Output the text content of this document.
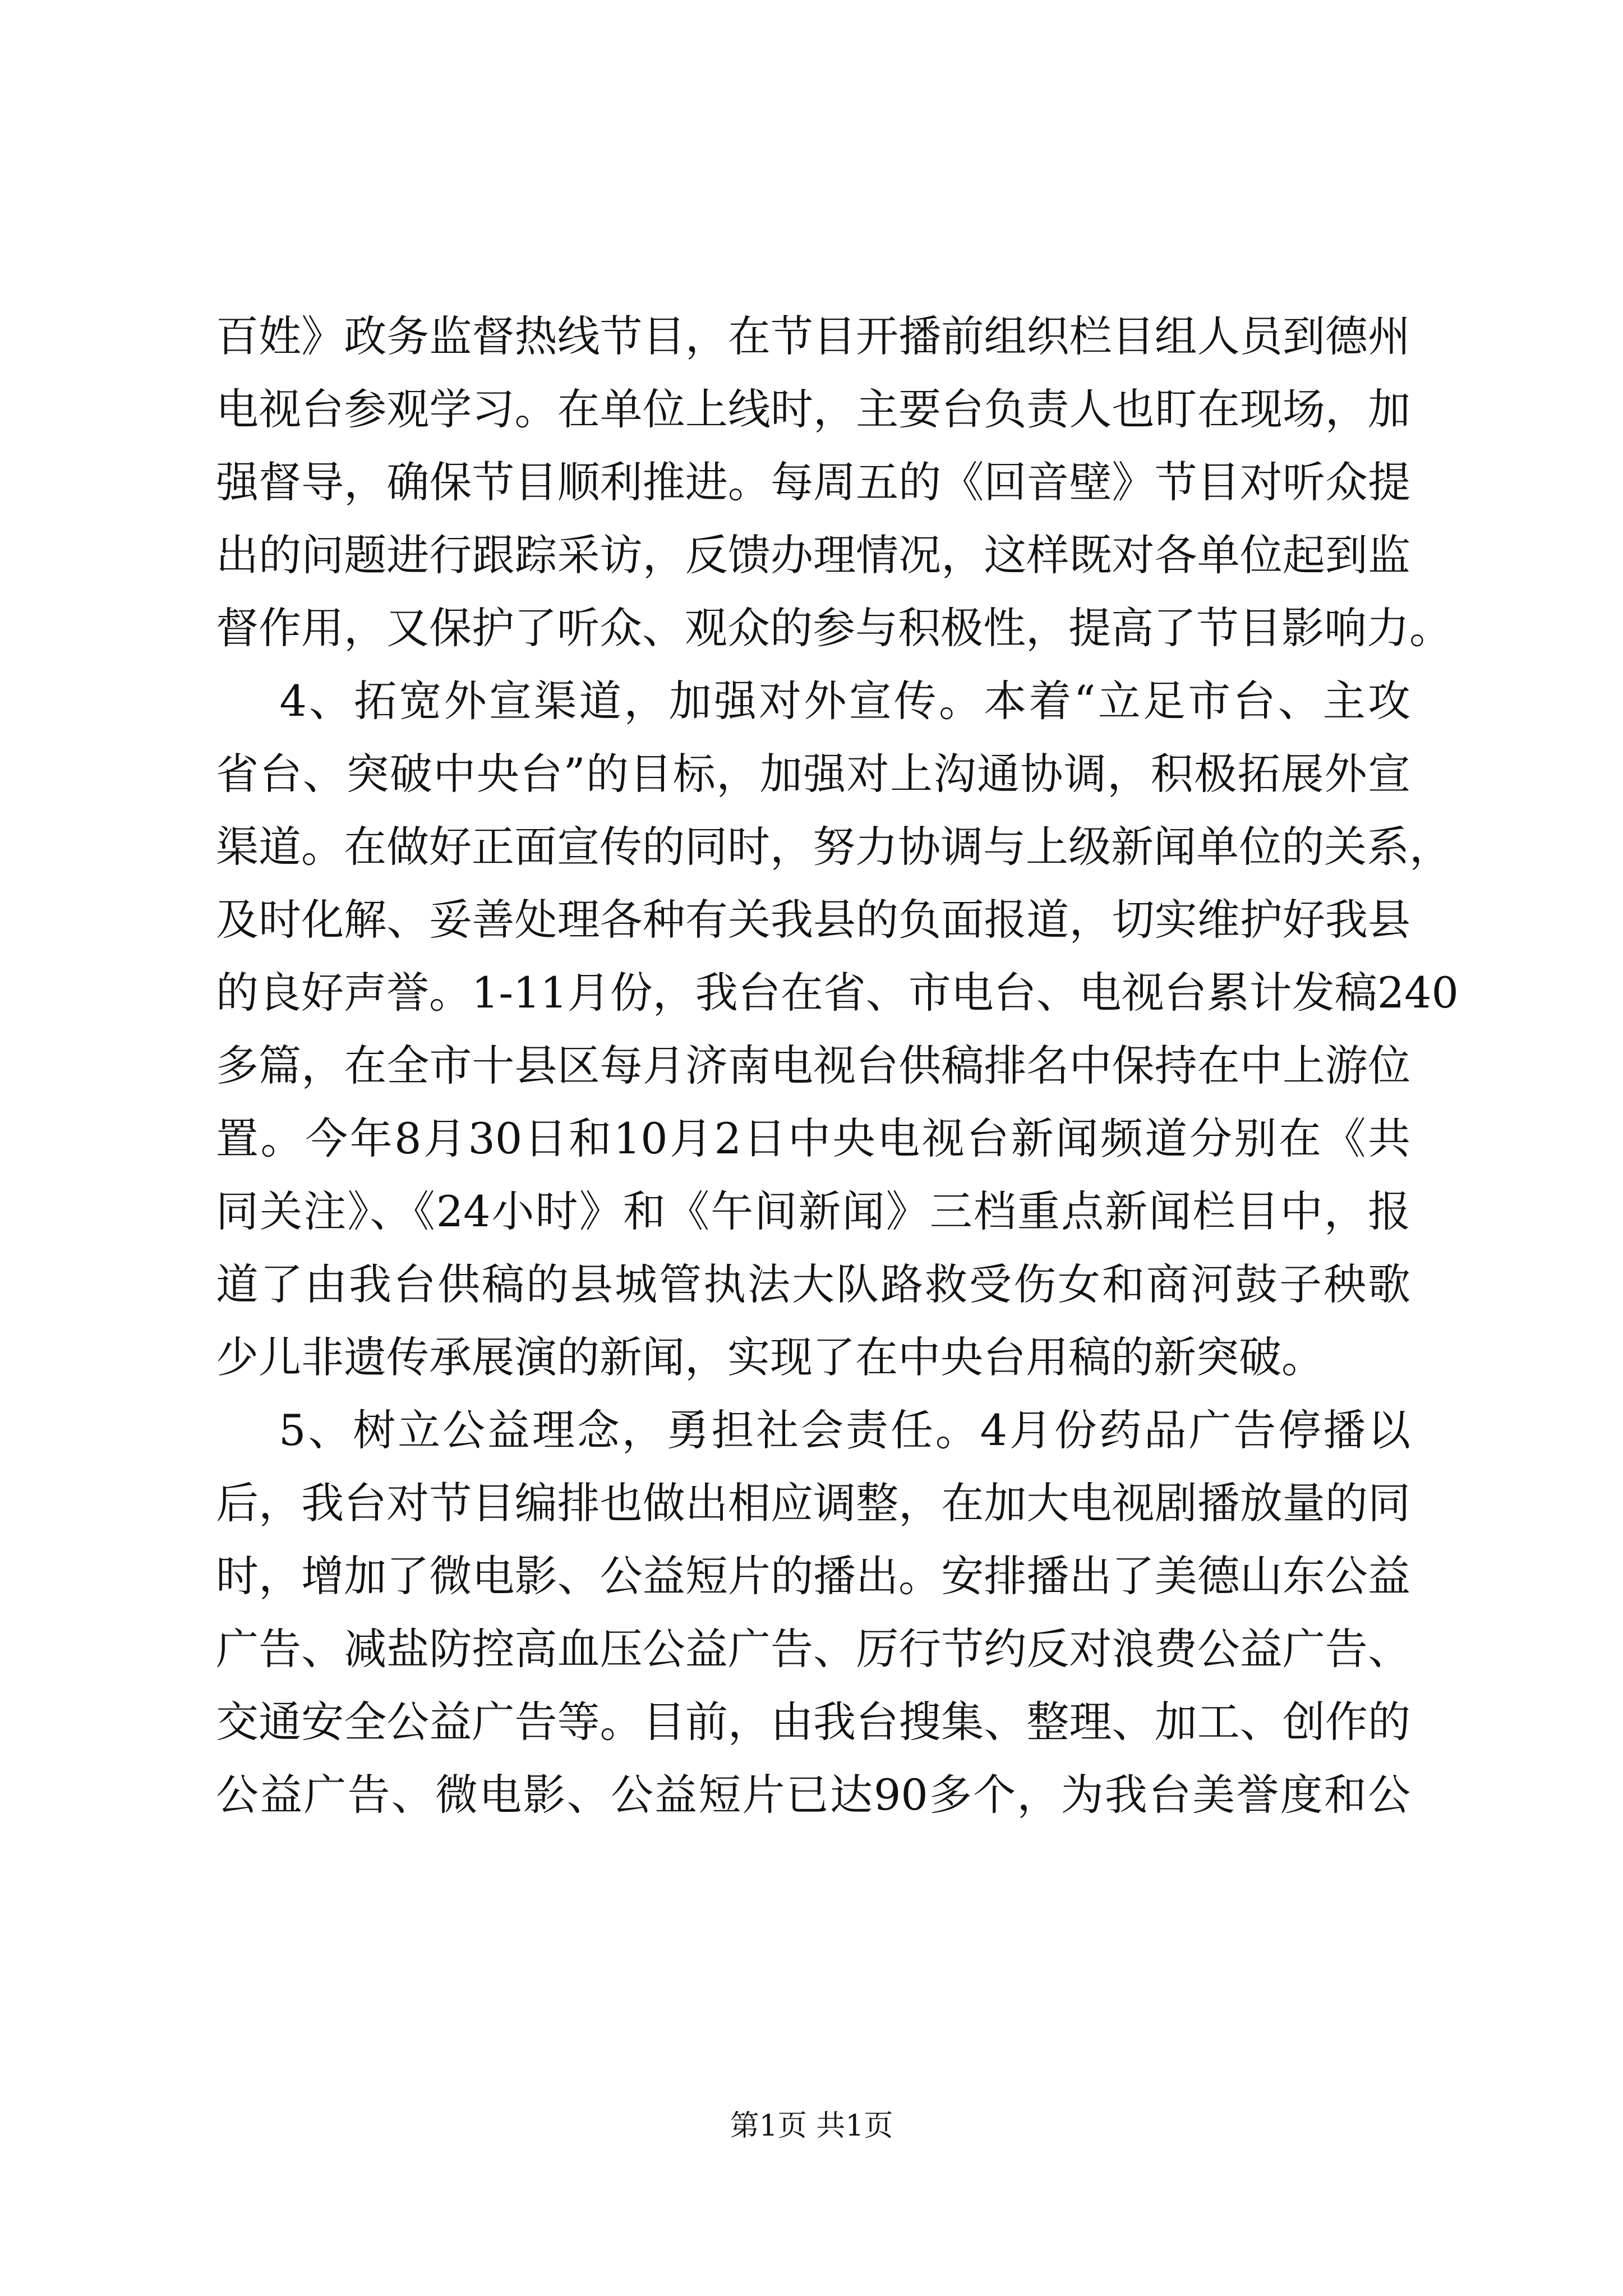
百姓》政务监督热线节目，在节目开播前组织栏目组人员到德州
电视台参观学习。在单位上线时，主要台负责人也盯在现场，加
强督导，确保节目顺利推进。每周五的《回音壁》节目对听众提
出的问题进行跟踪采访，反馈办理情况，这样既对各单位起到监
督作用，又保护了听众、观众的参与积极性，提高了节目影响力。
4、拓宽外宣渠道，加强对外宣传。本着“立足市台、主攻
省台、突破中央台”的目标，加强对上沟通协调，积极拓展外宣
渠道。在做好正面宣传的同时，努力协调与上级新闻单位的关系，
及时化解、妥善处理各种有关我县的负面报道，切实维护好我县
的良好声誉。1-11月份，我台在省、市电台、电视台累计发稿240
多篇，在全市十县区每月济南电视台供稿排名中保持在中上游位
置。今年8月30日和10月2日中央电视台新闻频道分别在《共
同关注》、《24小时》和《午间新闻》三档重点新闻栏目中，报
道了由我台供稿的县城管执法大队路救受伤女和商河鼓子秧歌
少儿非遗传承展演的新闻，实现了在中央台用稿的新突破。
5、树立公益理念，勇担社会责任。4月份药品广告停播以
后，我台对节目编排也做出相应调整，在加大电视剧播放量的同
时，增加了微电影、公益短片的播出。安排播出了美德山东公益
广告、减盐防控高血压公益广告、厉行节约反对浪费公益广告、
交通安全公益广告等。目前，由我台搜集、整理、加工、创作的
公益广告、微电影、公益短片已达90多个，为我台美誉度和公
第1页 共1页
